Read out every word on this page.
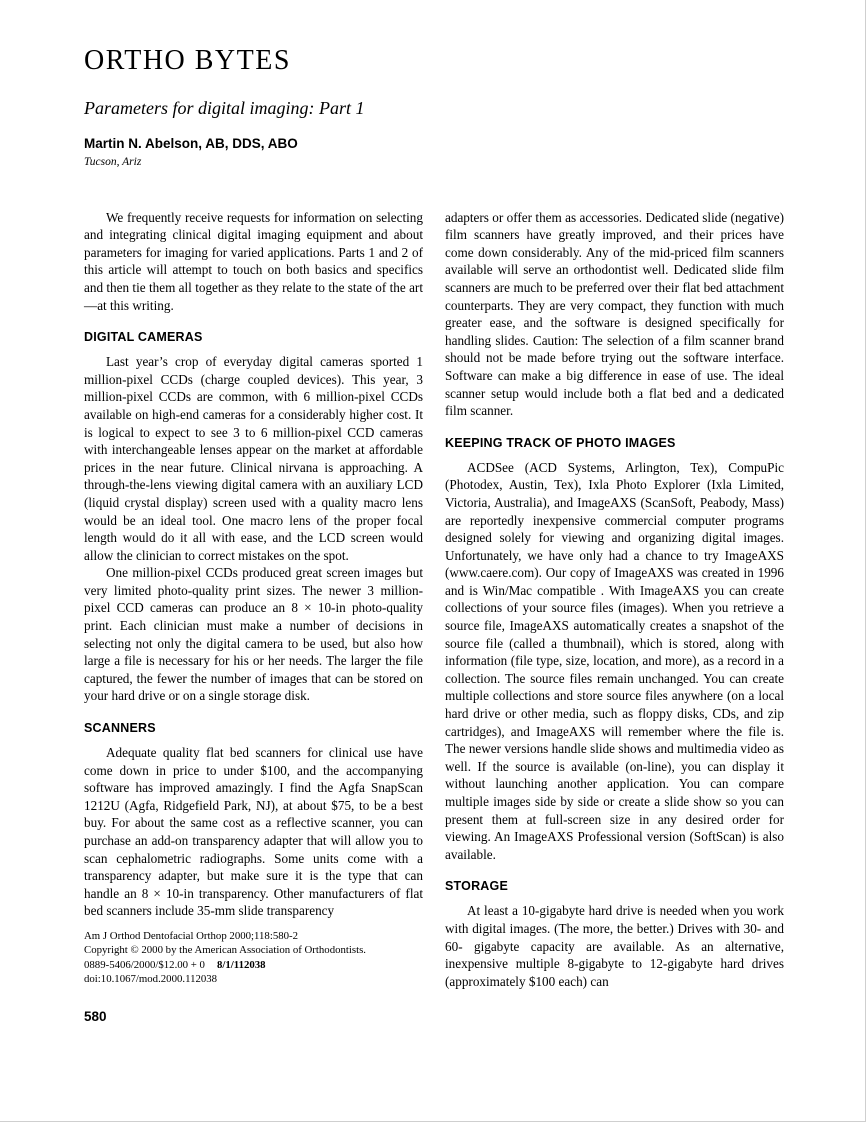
ORTHO BYTES
Parameters for digital imaging: Part 1
Martin N. Abelson, AB, DDS, ABO
Tucson, Ariz

We frequently receive requests for information on selecting and integrating clinical digital imaging equipment and about parameters for imaging for varied applications. Parts 1 and 2 of this article will attempt to touch on both basics and specifics and then tie them all together as they relate to the state of the art—at this writing.

DIGITAL CAMERAS

Last year’s crop of everyday digital cameras sported 1 million-pixel CCDs (charge coupled devices). This year, 3 million-pixel CCDs are common, with 6 million-pixel CCDs available on high-end cameras for a considerably higher cost. It is logical to expect to see 3 to 6 million-pixel CCD cameras with interchangeable lenses appear on the market at affordable prices in the near future. Clinical nirvana is approaching. A through-the-lens viewing digital camera with an auxiliary LCD (liquid crystal display) screen used with a quality macro lens would be an ideal tool. One macro lens of the proper focal length would do it all with ease, and the LCD screen would allow the clinician to correct mistakes on the spot.

One million-pixel CCDs produced great screen images but very limited photo-quality print sizes. The newer 3 million-pixel CCD cameras can produce an 8 × 10-in photo-quality print. Each clinician must make a number of decisions in selecting not only the digital camera to be used, but also how large a file is necessary for his or her needs. The larger the file captured, the fewer the number of images that can be stored on your hard drive or on a single storage disk.

SCANNERS

Adequate quality flat bed scanners for clinical use have come down in price to under $100, and the accompanying software has improved amazingly. I find the Agfa SnapScan 1212U (Agfa, Ridgefield Park, NJ), at about $75, to be a best buy. For about the same cost as a reflective scanner, you can purchase an add-on transparency adapter that will allow you to scan cephalometric radiographs. Some units come with a transparency adapter, but make sure it is the type that can handle an 8 × 10-in transparency. Other manufacturers of flat bed scanners include 35-mm slide transparency

Am J Orthod Dentofacial Orthop 2000;118:580-2

Copyright © 2000 by the American Association of Orthodontists.

0889-5406/2000/$12.00 + 0 8/1/112038

doi:10.1067/mod.2000.112038

580

adapters or offer them as accessories. Dedicated slide (negative) film scanners have greatly improved, and their prices have come down considerably. Any of the mid-priced film scanners available will serve an orthodontist well. Dedicated slide film scanners are much to be preferred over their flat bed attachment counterparts. They are very compact, they function with much greater ease, and the software is designed specifically for handling slides. Caution: The selection of a film scanner brand should not be made before trying out the software interface. Software can make a big difference in ease of use. The ideal scanner setup would include both a flat bed and a dedicated film scanner.

KEEPING TRACK OF PHOTO IMAGES

ACDSee (ACD Systems, Arlington, Tex), CompuPic (Photodex, Austin, Tex), Ixla Photo Explorer (Ixla Limited, Victoria, Australia), and ImageAXS (ScanSoft, Peabody, Mass) are reportedly inexpensive commercial computer programs designed solely for viewing and organizing digital images. Unfortunately, we have only had a chance to try ImageAXS (www.caere.com). Our copy of ImageAXS was created in 1996 and is Win/Mac compatible . With ImageAXS you can create collections of your source files (images). When you retrieve a source file, ImageAXS automatically creates a snapshot of the source file (called a thumbnail), which is stored, along with information (file type, size, location, and more), as a record in a collection. The source files remain unchanged. You can create multiple collections and store source files anywhere (on a local hard drive or other media, such as floppy disks, CDs, and zip cartridges), and ImageAXS will remember where the file is. The newer versions handle slide shows and multimedia video as well. If the source is available (on-line), you can display it without launching another application. You can compare multiple images side by side or create a slide show so you can present them at full-screen size in any desired order for viewing. An ImageAXS Professional version (SoftScan) is also available.

STORAGE

At least a 10-gigabyte hard drive is needed when you work with digital images. (The more, the better.) Drives with 30- and 60- gigabyte capacity are available. As an alternative, inexpensive multiple 8-gigabyte to 12-gigabyte hard drives (approximately $100 each) can
